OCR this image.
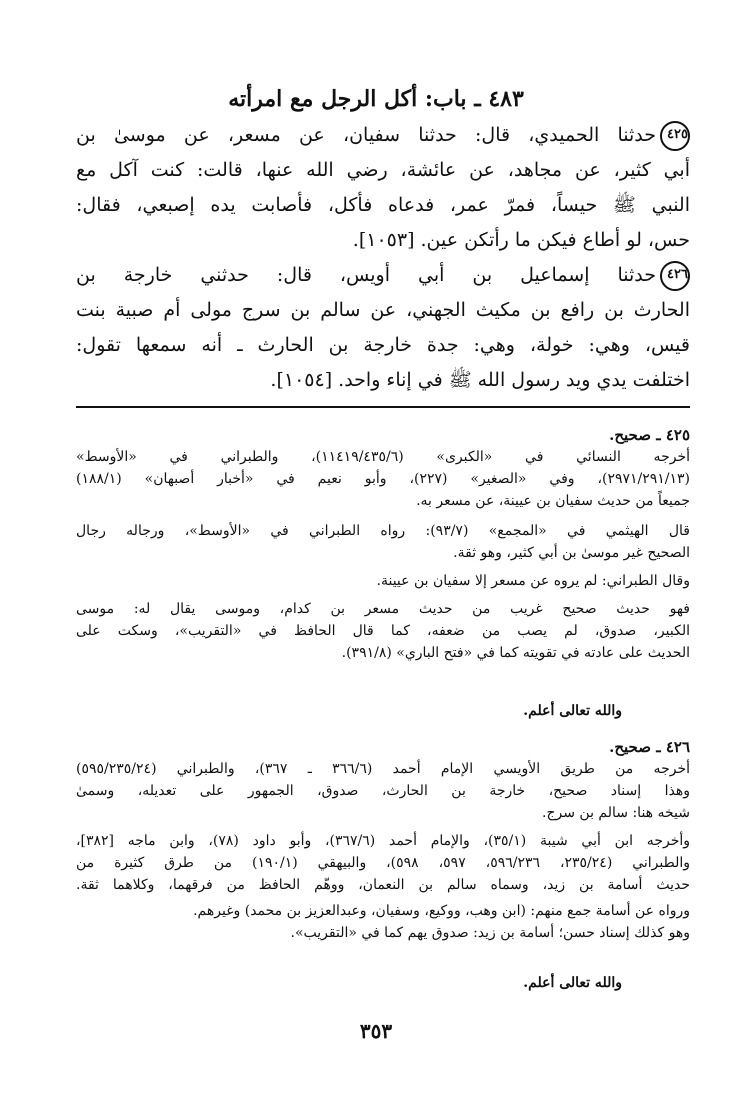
٤٨٣ ـ باب: أكل الرجل مع امرأته
٤٢٥حدثنا الحميدي، قال: حدثنا سفيان، عن مسعر، عن موسىٰ بن
أبي كثير، عن مجاهد، عن عائشة، رضي الله عنها، قالت: كنت آكل مع
النبي ﷺ حيساً، فمرّ عمر، فدعاه فأكل، فأصابت يده إصبعي، فقال:
حس، لو أطاع فيكن ما رأتكن عين. [١٠٥٣].
٤٢٦حدثنا إسماعيل بن أبي أويس، قال: حدثني خارجة بن
الحارث بن رافع بن مكيث الجهني، عن سالم بن سرج مولى أم صبية بنت
قيس، وهي: خولة، وهي: جدة خارجة بن الحارث ـ أنه سمعها تقول:
اختلفت يدي ويد رسول الله ﷺ في إناء واحد. [١٠٥٤].
٤٢٥ ـ صحيح.
أخرجه النسائي في «الكبرى» (١١٤١٩/٤٣٥/٦)، والطبراني في «الأوسط»
(٢٩٧١/٢٩١/١٣)، وفي «الصغير» (٢٢٧)، وأبو نعيم في «أخبار أصبهان» (١٨٨/١)
جميعاً من حديث سفيان بن عيينة، عن مسعر به.
قال الهيثمي في «المجمع» (٩٣/٧): رواه الطبراني في «الأوسط»، ورجاله رجال
الصحيح غير موسىٰ بن أبي كثير، وهو ثقة.
وقال الطبراني: لم يروه عن مسعر إلا سفيان بن عيينة.
فهو حديث صحيح غريب من حديث مسعر بن كدام، وموسى يقال له: موسى
الكبير، صدوق، لم يصب من ضعفه، كما قال الحافظ في «التقريب»، وسكت على
الحديث على عادته في تقويته كما في «فتح الباري» (٣٩١/٨).
والله تعالى أعلم.
٤٢٦ ـ صحيح.
أخرجه من طريق الأويسي الإمام أحمد (٣٦٦/٦ ـ ٣٦٧)، والطبراني (٥٩٥/٢٣٥/٢٤)
وهذا إسناد صحيح، خارجة بن الحارث، صدوق، الجمهور على تعديله، وسمىٰ
شيخه هنا: سالم بن سرج.
وأخرجه ابن أبي شيبة (٣٥/١)، والإمام أحمد (٣٦٧/٦)، وأبو داود (٧٨)، وابن ماجه [٣٨٢]،
والطبراني (٢٣٥/٢٤، ٥٩٦/٢٣٦، ٥٩٧، ٥٩٨)، والبيهقي (١٩٠/١) من طرق كثيرة من
حديث أسامة بن زيد، وسماه سالم بن النعمان، ووهّم الحافظ من فرقهما، وكلاهما ثقة.
ورواه عن أسامة جمع منهم: (ابن وهب، ووكيع، وسفيان، وعبدالعزيز بن محمد) وغيرهم.
وهو كذلك إسناد حسن؛ أسامة بن زيد: صدوق يهم كما في «التقريب».
والله تعالى أعلم.
٣٥٣
